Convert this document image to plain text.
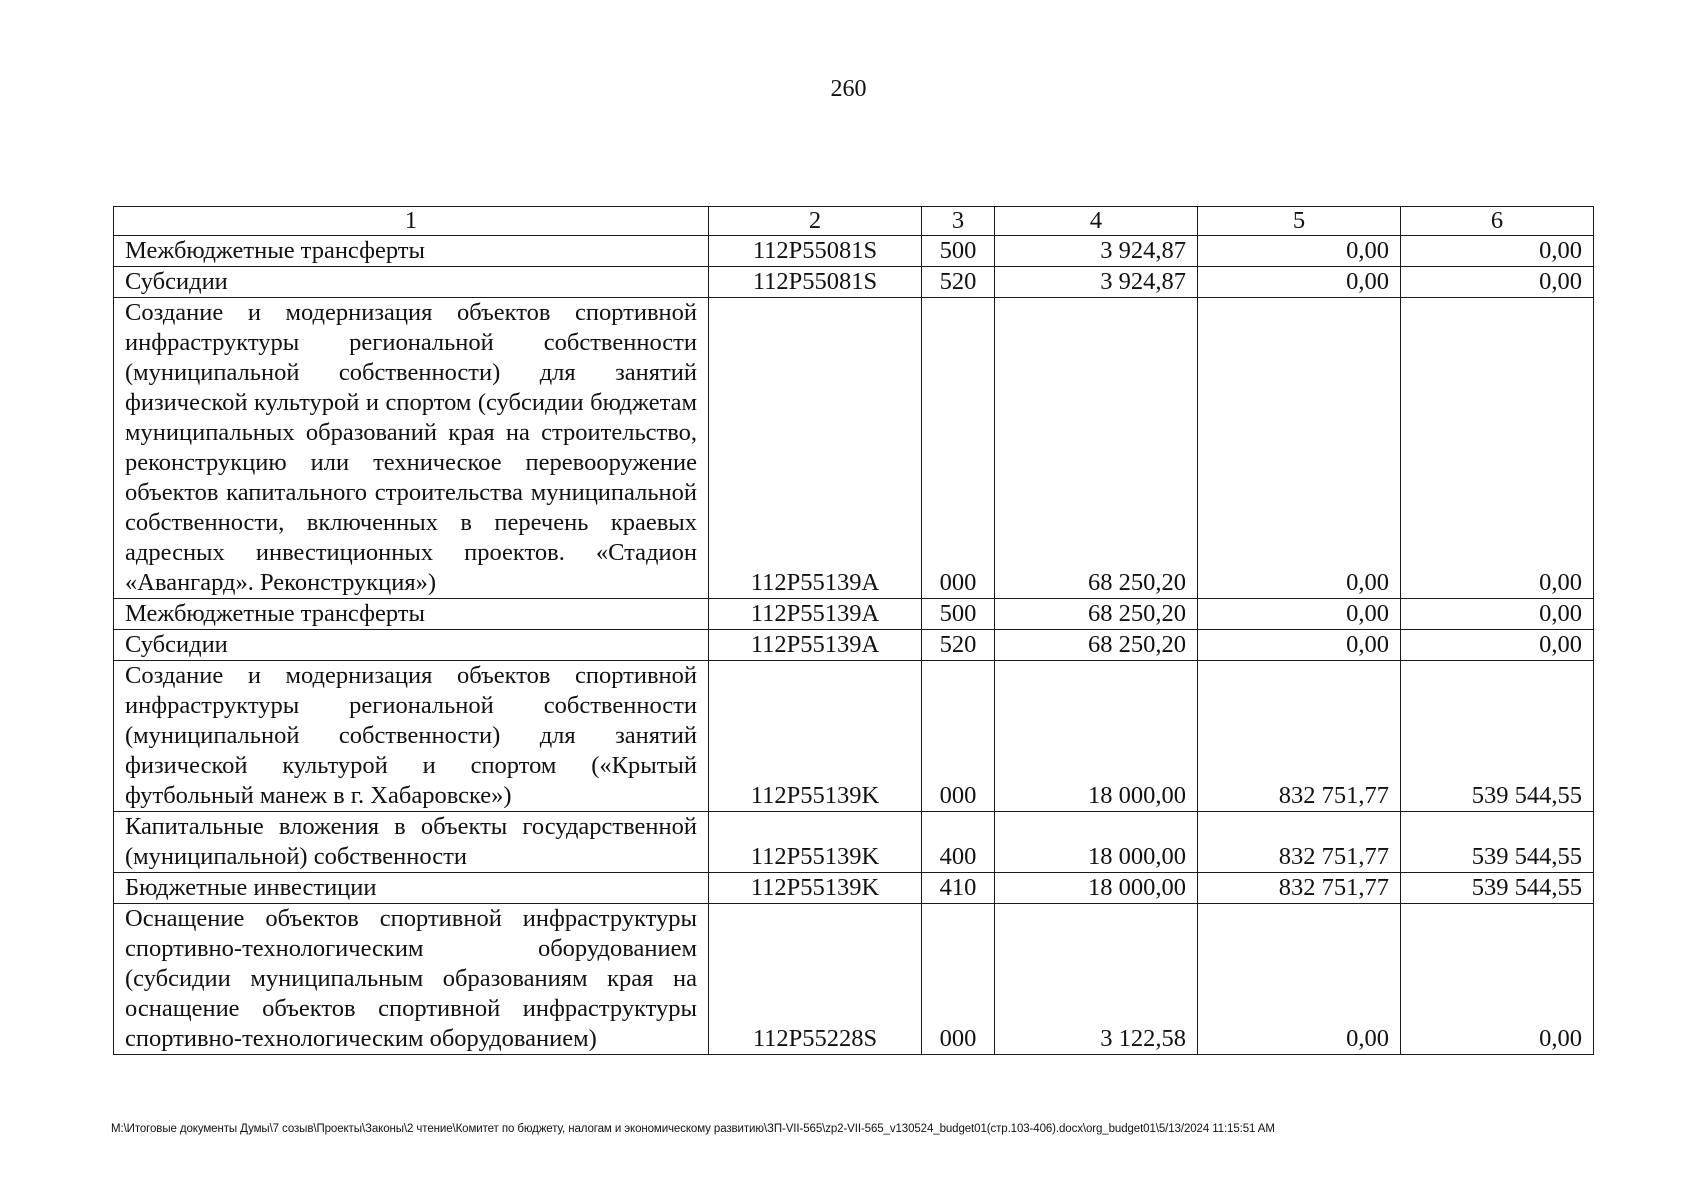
260
1	2	3	4	5	6
Межбюджетные трансферты	112P55081S	500	3 924,87	0,00	0,00
Субсидии	112P55081S	520	3 924,87	0,00	0,00
Создание и модернизация объектов спортивной инфраструктуры региональной собственности (муниципальной собственности) для занятий физической культурой и спортом (субсидии бюджетам муниципальных образований края на строительство, реконструкцию или техническое перевооружение объектов капитального строительства муниципальной собственности, включенных в перечень краевых адресных инвестиционных проектов. «Стадион «Авангард». Реконструкция»)	112P55139A	000	68 250,20	0,00	0,00
Межбюджетные трансферты	112P55139A	500	68 250,20	0,00	0,00
Субсидии	112P55139A	520	68 250,20	0,00	0,00
Создание и модернизация объектов спортивной инфраструктуры региональной собственности (муниципальной собственности) для занятий физической культурой и спортом («Крытый футбольный манеж в г. Хабаровске»)	112P55139K	000	18 000,00	832 751,77	539 544,55
Капитальные вложения в объекты государственной (муниципальной) собственности	112P55139K	400	18 000,00	832 751,77	539 544,55
Бюджетные инвестиции	112P55139K	410	18 000,00	832 751,77	539 544,55
Оснащение объектов спортивной инфраструктуры спортивно-технологическим оборудованием (субсидии муниципальным образованиям края на оснащение объектов спортивной инфраструктуры спортивно-технологическим оборудованием)	112P55228S	000	3 122,58	0,00	0,00
M:\Итоговые документы Думы\7 созыв\Проекты\Законы\2 чтение\Комитет по бюджету, налогам и экономическому развитию\ЗП-VII-565\zp2-VII-565_v130524_budget01(стр.103-406).docx\org_budget01\5/13/2024 11:15:51 AM
